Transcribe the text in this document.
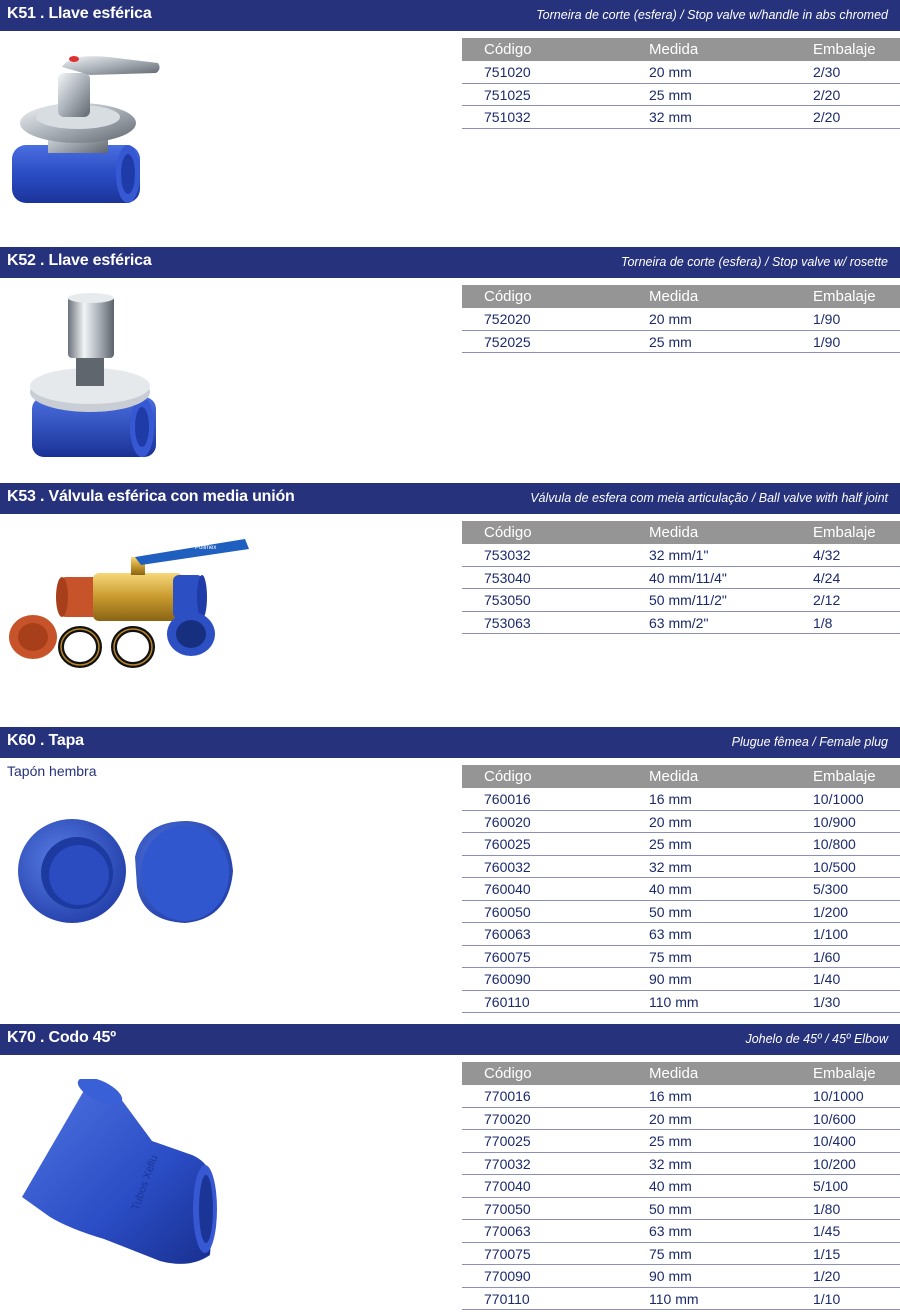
K51 . Llave esférica	Torneira de corte (esfera) / Stop valve w/handle in abs chromed
Código	Medida	Embalaje
751020	20 mm	2/30
751025	25 mm	2/20
751032	32 mm	2/20
K52 . Llave esférica	Torneira de corte (esfera) / Stop valve w/ rosette
Código	Medida	Embalaje
752020	20 mm	1/90
752025	25 mm	1/90
K53 . Válvula esférica con media unión	Válvula de esfera com meia articulação / Ball valve with half joint
Polimex
Código	Medida	Embalaje
753032	32 mm/1"	4/32
753040	40 mm/11/4"	4/24
753050	50 mm/11/2"	2/12
753063	63 mm/2"	1/8
K60 . Tapa	Plugue fêmea / Female plug
Tapón hembra	Código	Medida	Embalaje
760016	16 mm	10/1000
760020	20 mm	10/900
760025	25 mm	10/800
760032	32 mm	10/500
760040	40 mm	5/300
760050	50 mm	1/200
760063	63 mm	1/100
760075	75 mm	1/60
760090	90 mm	1/40
760110	110 mm	1/30
K70 . Codo 45º	Johelo de 45º / 45º Elbow
Tubos Xellu
Código	Medida	Embalaje
770016	16 mm	10/1000
770020	20 mm	10/600
770025	25 mm	10/400
770032	32 mm	10/200
770040	40 mm	5/100
770050	50 mm	1/80
770063	63 mm	1/45
770075	75 mm	1/15
770090	90 mm	1/20
770110	110 mm	1/10
